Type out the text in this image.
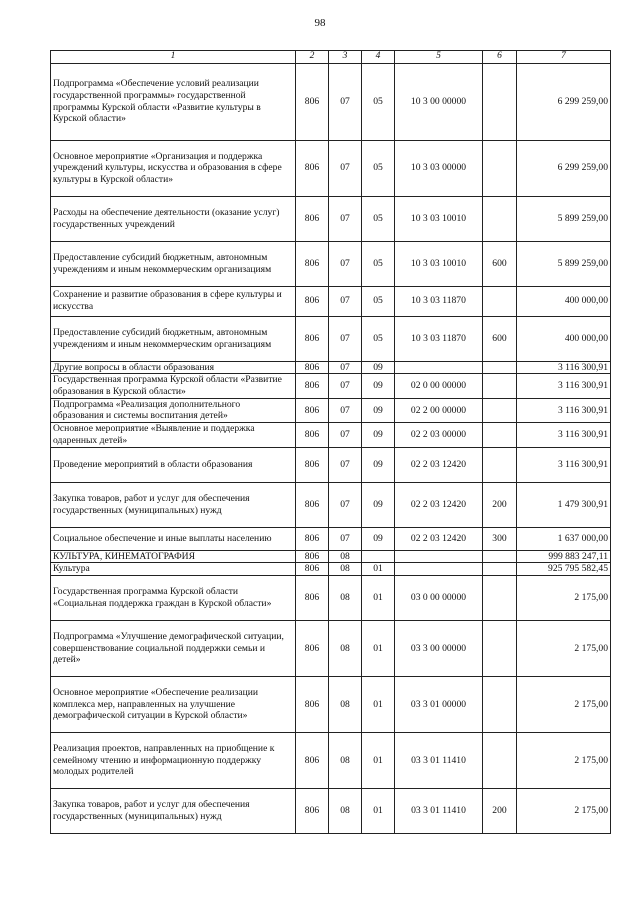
98
1	2	3	4	5	6	7
Подпрограмма «Обеспечение условий реализации государственной программы» государственной программы Курской области «Развитие культуры в Курской области»	806	07	05	10 3 00 00000		6 299 259,00
Основное мероприятие «Организация и поддержка учреждений культуры, искусства и образования в сфере культуры в Курской области»	806	07	05	10 3 03 00000		6 299 259,00
Расходы на обеспечение деятельности (оказание услуг) государственных учреждений	806	07	05	10 3 03 10010		5 899 259,00
Предоставление субсидий бюджетным, автономным учреждениям и иным некоммерческим организациям	806	07	05	10 3 03 10010	600	5 899 259,00
Сохранение и развитие образования в сфере культуры и искусства	806	07	05	10 3 03 11870		400 000,00
Предоставление субсидий бюджетным, автономным учреждениям и иным некоммерческим организациям	806	07	05	10 3 03 11870	600	400 000,00
Другие вопросы в области образования	806	07	09			3 116 300,91
Государственная программа Курской области «Развитие образования в Курской области»	806	07	09	02 0 00 00000		3 116 300,91
Подпрограмма «Реализация дополнительного образования и системы воспитания детей»	806	07	09	02 2 00 00000		3 116 300,91
Основное мероприятие «Выявление и поддержка одаренных детей»	806	07	09	02 2 03 00000		3 116 300,91
Проведение мероприятий в области образования	806	07	09	02 2 03 12420		3 116 300,91
Закупка товаров, работ и услуг для обеспечения государственных (муниципальных) нужд	806	07	09	02 2 03 12420	200	1 479 300,91
Социальное обеспечение и иные выплаты населению	806	07	09	02 2 03 12420	300	1 637 000,00
КУЛЬТУРА, КИНЕМАТОГРАФИЯ	806	08				999 883 247,11
Культура	806	08	01			925 795 582,45
Государственная программа Курской области «Социальная поддержка граждан в Курской области»	806	08	01	03 0 00 00000		2 175,00
Подпрограмма «Улучшение демографической ситуации, совершенствование социальной поддержки семьи и детей»	806	08	01	03 3 00 00000		2 175,00
Основное мероприятие «Обеспечение реализации комплекса мер, направленных на улучшение демографической ситуации в Курской области»	806	08	01	03 3 01 00000		2 175,00
Реализация проектов, направленных на приобщение к семейному чтению и информационную поддержку молодых родителей	806	08	01	03 3 01 11410		2 175,00
Закупка товаров, работ и услуг для обеспечения государственных (муниципальных) нужд	806	08	01	03 3 01 11410	200	2 175,00
